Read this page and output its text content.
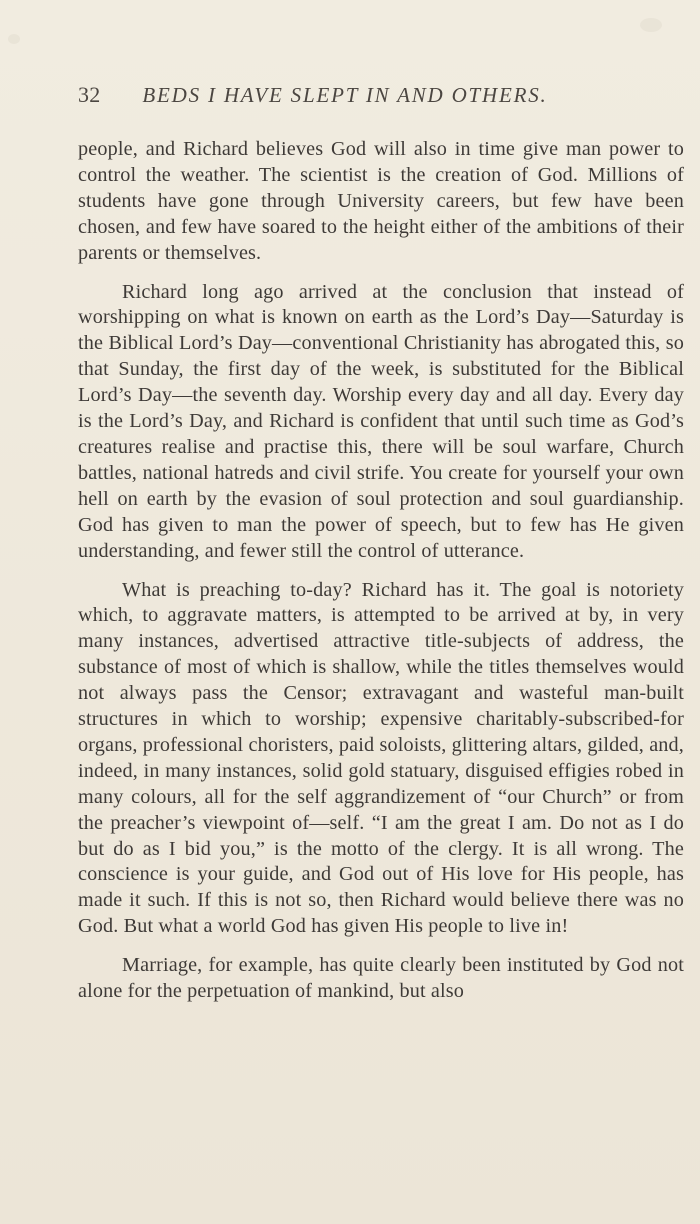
32 BEDS I HAVE SLEPT IN AND OTHERS.

people, and Richard believes God will also in time give man power to control the weather. The scientist is the creation of God. Millions of students have gone through University careers, but few have been chosen, and few have soared to the height either of the ambitions of their parents or themselves.

Richard long ago arrived at the conclusion that instead of worshipping on what is known on earth as the Lord’s Day—Saturday is the Biblical Lord’s Day—conventional Christianity has abrogated this, so that Sunday, the first day of the week, is substituted for the Biblical Lord’s Day—the seventh day. Worship every day and all day. Every day is the Lord’s Day, and Richard is confident that until such time as God’s creatures realise and practise this, there will be soul warfare, Church battles, national hatreds and civil strife. You create for yourself your own hell on earth by the evasion of soul protection and soul guardianship. God has given to man the power of speech, but to few has He given understanding, and fewer still the control of utterance.

What is preaching to-day? Richard has it. The goal is notoriety which, to aggravate matters, is attempted to be arrived at by, in very many instances, advertised attractive title-subjects of address, the substance of most of which is shallow, while the titles themselves would not always pass the Censor; extravagant and wasteful man-built structures in which to worship; expensive charitably-subscribed-for organs, professional choristers, paid soloists, glittering altars, gilded, and, indeed, in many instances, solid gold statuary, disguised effigies robed in many colours, all for the self aggrandizement of “our Church” or from the preacher’s viewpoint of—self. “I am the great I am. Do not as I do but do as I bid you,” is the motto of the clergy. It is all wrong. The conscience is your guide, and God out of His love for His people, has made it such. If this is not so, then Richard would believe there was no God. But what a world God has given His people to live in!

Marriage, for example, has quite clearly been instituted by God not alone for the perpetuation of mankind, but also
